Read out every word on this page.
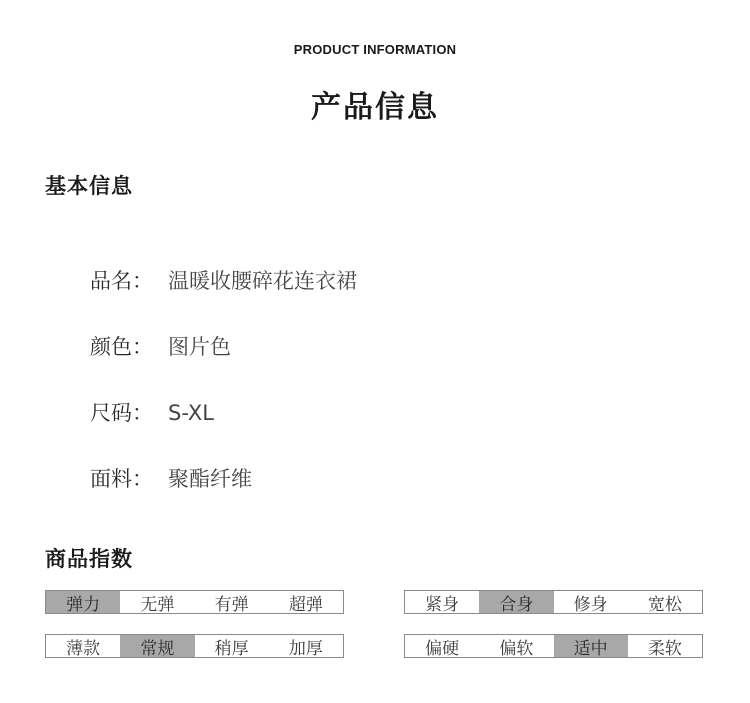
PRODUCT INFORMATION
产品信息
基本信息
品名： 温暖收腰碎花连衣裙
颜色： 图片色
尺码： S-XL
面料： 聚酯纤维
商品指数
弹力	无弹	有弹	超弹	紧身	合身	修身	宽松
薄款	常规	稍厚	加厚	偏硬	偏软	适中	柔软
